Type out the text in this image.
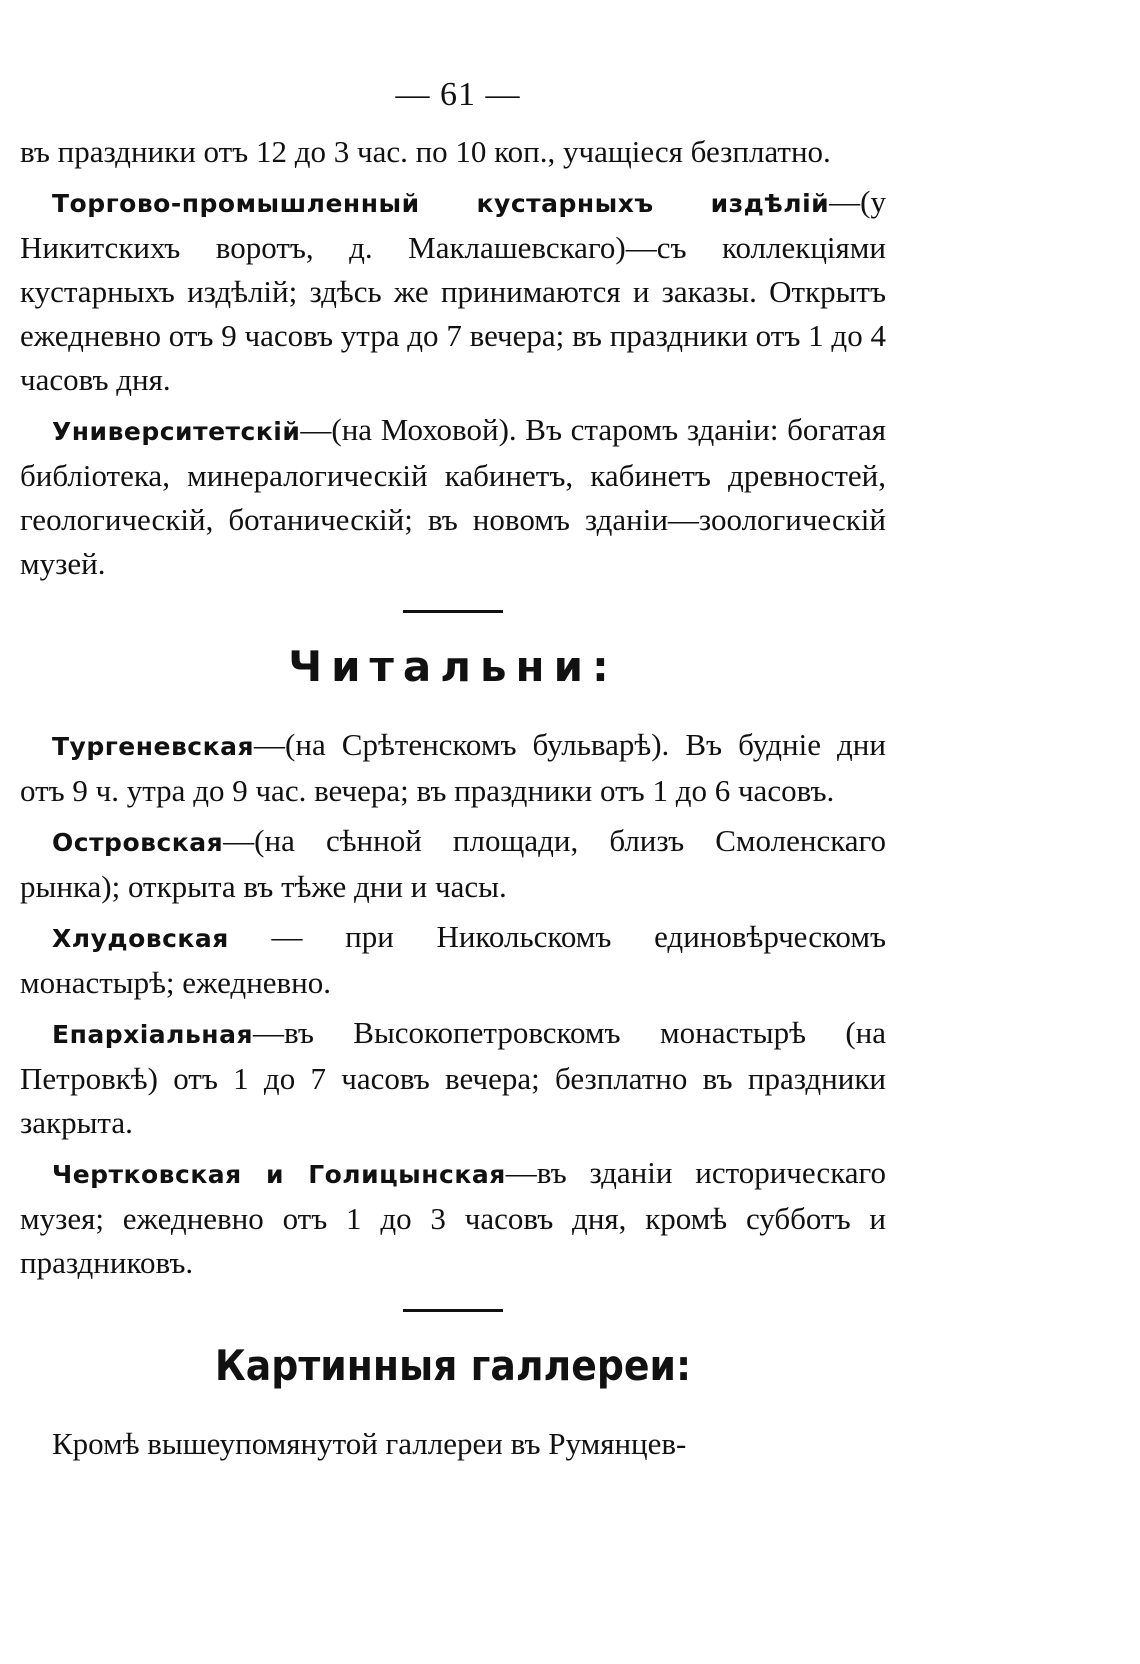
— 61 —

въ праздники отъ 12 до 3 час. по 10 коп., учащіеся безплатно.

Торгово-промышленный кустарныхъ издѣлій—(у Никитскихъ воротъ, д. Маклашевскаго)—съ коллекціями кустарныхъ издѣлій; здѣсь же принимаются и заказы. Открытъ ежедневно отъ 9 часовъ утра до 7 вечера; въ праздники отъ 1 до 4 часовъ дня.

Университетскій—(на Моховой). Въ старомъ зданіи: богатая библіотека, минералогическій кабинетъ, кабинетъ древностей, геологическій, ботаническій; въ новомъ зданіи—зоологическій музей.

Читальни:

Тургеневская—(на Срѣтенскомъ бульварѣ). Въ будніе дни отъ 9 ч. утра до 9 час. вечера; въ праздники отъ 1 до 6 часовъ.

Островская—(на сѣнной площади, близъ Смоленскаго рынка); открыта въ тѣже дни и часы.

Хлудовская — при Никольскомъ единовѣрческомъ монастырѣ; ежедневно.

Епархіальная—въ Высокопетровскомъ монастырѣ (на Петровкѣ) отъ 1 до 7 часовъ вечера; безплатно въ праздники закрыта.

Чертковская и Голицынская—въ зданіи историческаго музея; ежедневно отъ 1 до 3 часовъ дня, кромѣ субботъ и праздниковъ.

Картинныя галлереи:

Кромѣ вышеупомянутой галлереи въ Румянцев-
